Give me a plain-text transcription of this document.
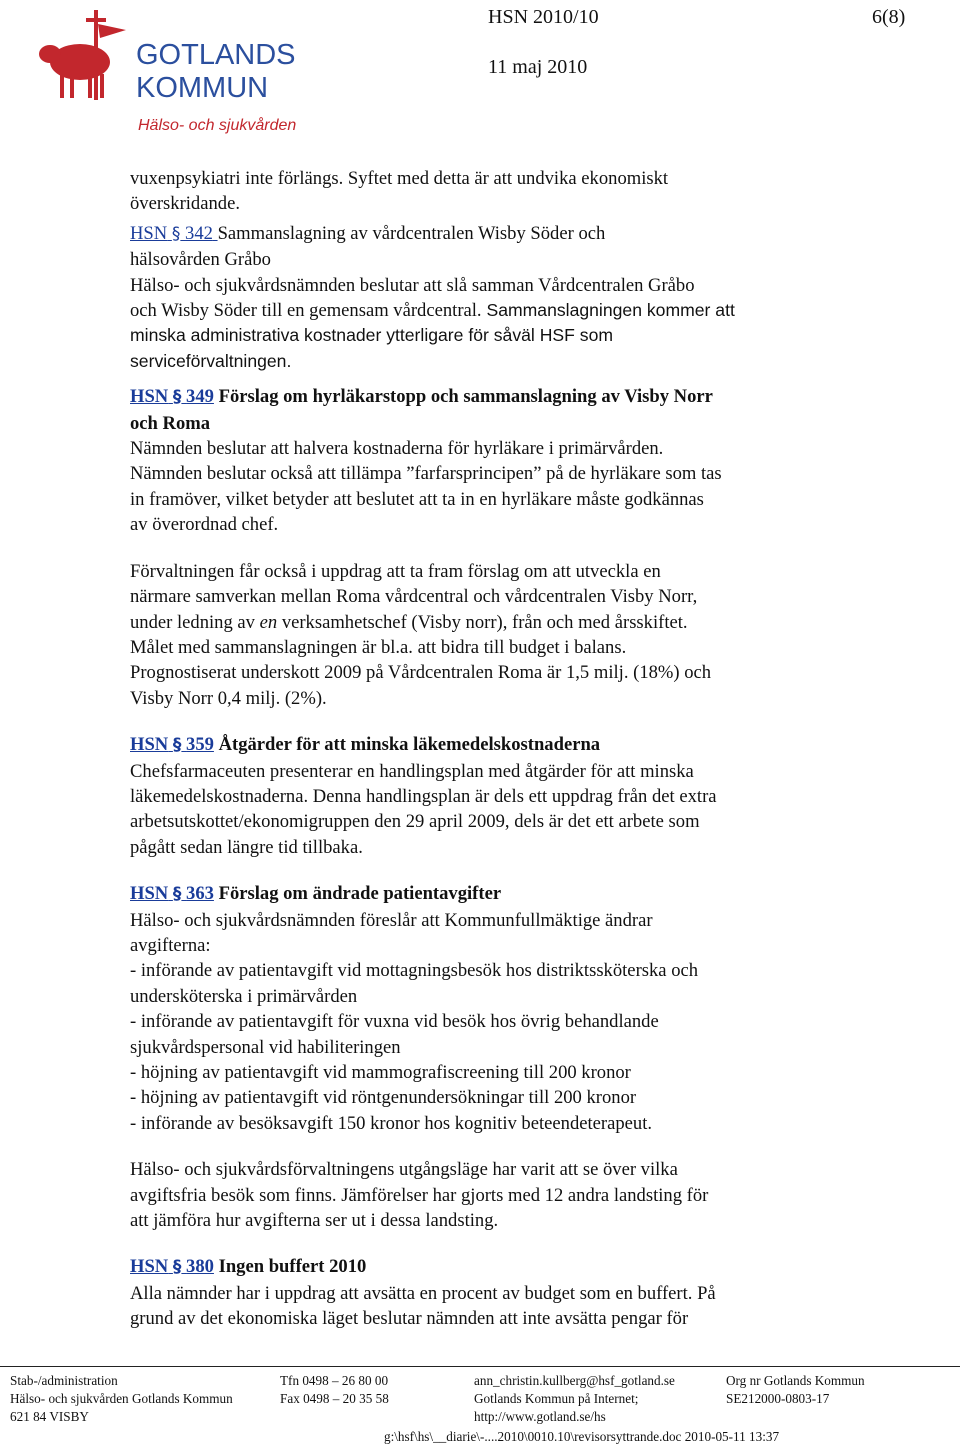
GOTLANDS
KOMMUN
Hälso- och sjukvården
HSN 2010/10	6(8)
11 maj 2010

vuxenpsykiatri inte förlängs. Syftet med detta är att undvika ekonomiskt
överskridande.

HSN § 342 Sammanslagning av vårdcentralen Wisby Söder och
hälsovården Gråbo
Hälso- och sjukvårdsnämnden beslutar att slå samman Vårdcentralen Gråbo
och Wisby Söder till en gemensam vårdcentral. Sammanslagningen kommer att
minska administrativa kostnader ytterligare för såväl HSF som
serviceförvaltningen.

HSN § 349 Förslag om hyrläkarstopp och sammanslagning av Visby Norr
och Roma
Nämnden beslutar att halvera kostnaderna för hyrläkare i primärvården.
Nämnden beslutar också att tillämpa ”farfarsprincipen” på de hyrläkare som tas
in framöver, vilket betyder att beslutet att ta in en hyrläkare måste godkännas
av överordnad chef.

Förvaltningen får också i uppdrag att ta fram förslag om att utveckla en
närmare samverkan mellan Roma vårdcentral och vårdcentralen Visby Norr,
under ledning av en verksamhetschef (Visby norr), från och med årsskiftet.
Målet med sammanslagningen är bl.a. att bidra till budget i balans.
Prognostiserat underskott 2009 på Vårdcentralen Roma är 1,5 milj. (18%) och
Visby Norr 0,4 milj. (2%).

HSN § 359 Åtgärder för att minska läkemedelskostnaderna
Chefsfarmaceuten presenterar en handlingsplan med åtgärder för att minska
läkemedelskostnaderna. Denna handlingsplan är dels ett uppdrag från det extra
arbetsutskottet/ekonomigruppen den 29 april 2009, dels är det ett arbete som
pågått sedan längre tid tillbaka.

HSN § 363 Förslag om ändrade patientavgifter
Hälso- och sjukvårdsnämnden föreslår att Kommunfullmäktige ändrar
avgifterna:
- införande av patientavgift vid mottagningsbesök hos distriktssköterska och
undersköterska i primärvården
- införande av patientavgift för vuxna vid besök hos övrig behandlande
sjukvårdspersonal vid habiliteringen
- höjning av patientavgift vid mammografiscreening till 200 kronor
- höjning av patientavgift vid röntgenundersökningar till 200 kronor
- införande av besöksavgift 150 kronor hos kognitiv beteendeterapeut.

Hälso- och sjukvårdsförvaltningens utgångsläge har varit att se över vilka
avgiftsfria besök som finns. Jämförelser har gjorts med 12 andra landsting för
att jämföra hur avgifterna ser ut i dessa landsting.

HSN § 380 Ingen buffert 2010
Alla nämnder har i uppdrag att avsätta en procent av budget som en buffert. På
grund av det ekonomiska läget beslutar nämnden att inte avsätta pengar för

Stab-/administration
Hälso- och sjukvården Gotlands Kommun
621 84 VISBY
Tfn 0498 – 26 80 00
Fax 0498 – 20 35 58
ann_christin.kullberg@hsf_gotland.se
Gotlands Kommun på Internet;
http://www.gotland.se/hs
Org nr Gotlands Kommun
SE212000-0803-17
g:\hsf\hs\__diarie\-....2010\0010.10\revisorsyttrande.doc 2010-05-11 13:37
